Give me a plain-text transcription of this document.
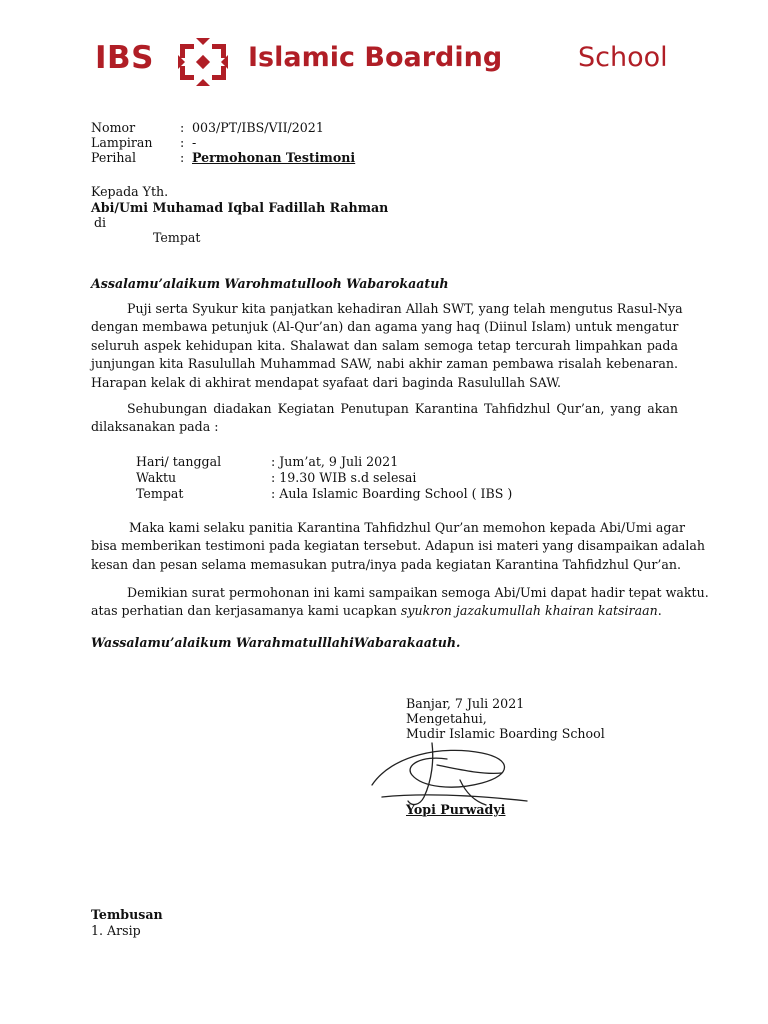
IBS	Islamic Boarding	School
Nomor	: 003/PT/IBS/VII/2021
Lampiran : -
Perihal	: Permohonan Testimoni
Kepada Yth.
Abi/Umi Muhamad Iqbal Fadillah Rahman
di
Tempat
Assalamu’alaikum Warohmatullooh Wabarokaatuh
Puji serta Syukur kita panjatkan kehadiran Allah SWT, yang telah mengutus Rasul-Nya
dengan membawa petunjuk (Al-Qur’an) dan agama yang haq (Diinul Islam) untuk mengatur
seluruh aspek kehidupan kita. Shalawat dan salam semoga tetap tercurah limpahkan pada
junjungan kita Rasulullah Muhammad SAW, nabi akhir zaman pembawa risalah kebenaran.
Harapan kelak di akhirat mendapat syafaat dari baginda Rasulullah SAW.
Sehubungan diadakan Kegiatan Penutupan Karantina Tahfidzhul Qur’an, yang akan
dilaksanakan pada :
Hari/ tanggal	: Jum’at, 9 Juli 2021
Waktu	: 19.30 WIB s.d selesai
Tempat	: Aula Islamic Boarding School ( IBS )
Maka kami selaku panitia Karantina Tahfidzhul Qur’an memohon kepada Abi/Umi agar
bisa memberikan testimoni pada kegiatan tersebut. Adapun isi materi yang disampaikan adalah
kesan dan pesan selama memasukan putra/inya pada kegiatan Karantina Tahfidzhul Qur’an.
Demikian surat permohonan ini kami sampaikan semoga Abi/Umi dapat hadir tepat waktu.
atas perhatian dan kerjasamanya kami ucapkan syukron jazakumullah khairan katsiraan.
Wassalamu’alaikum WarahmatulllahiWabarakaatuh.
Banjar, 7 Juli 2021
Mengetahui,
Mudir Islamic Boarding School
Yopi Purwadyi
Tembusan
1. Arsip
